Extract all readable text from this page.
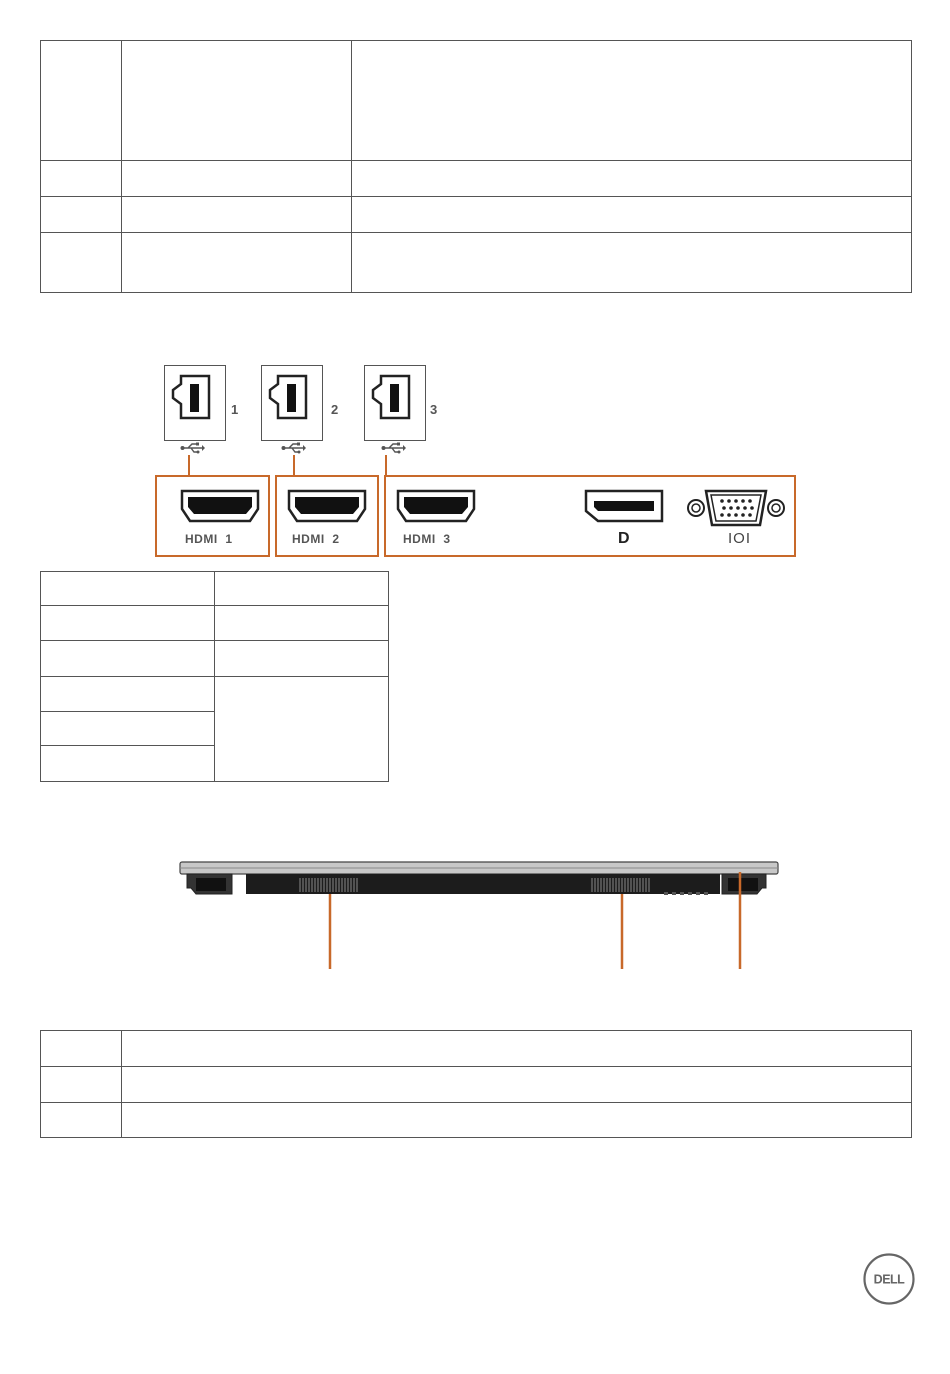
1	2	3
HDMI 1	HDMI 2	HDMI 3	D	IOI

DELL
